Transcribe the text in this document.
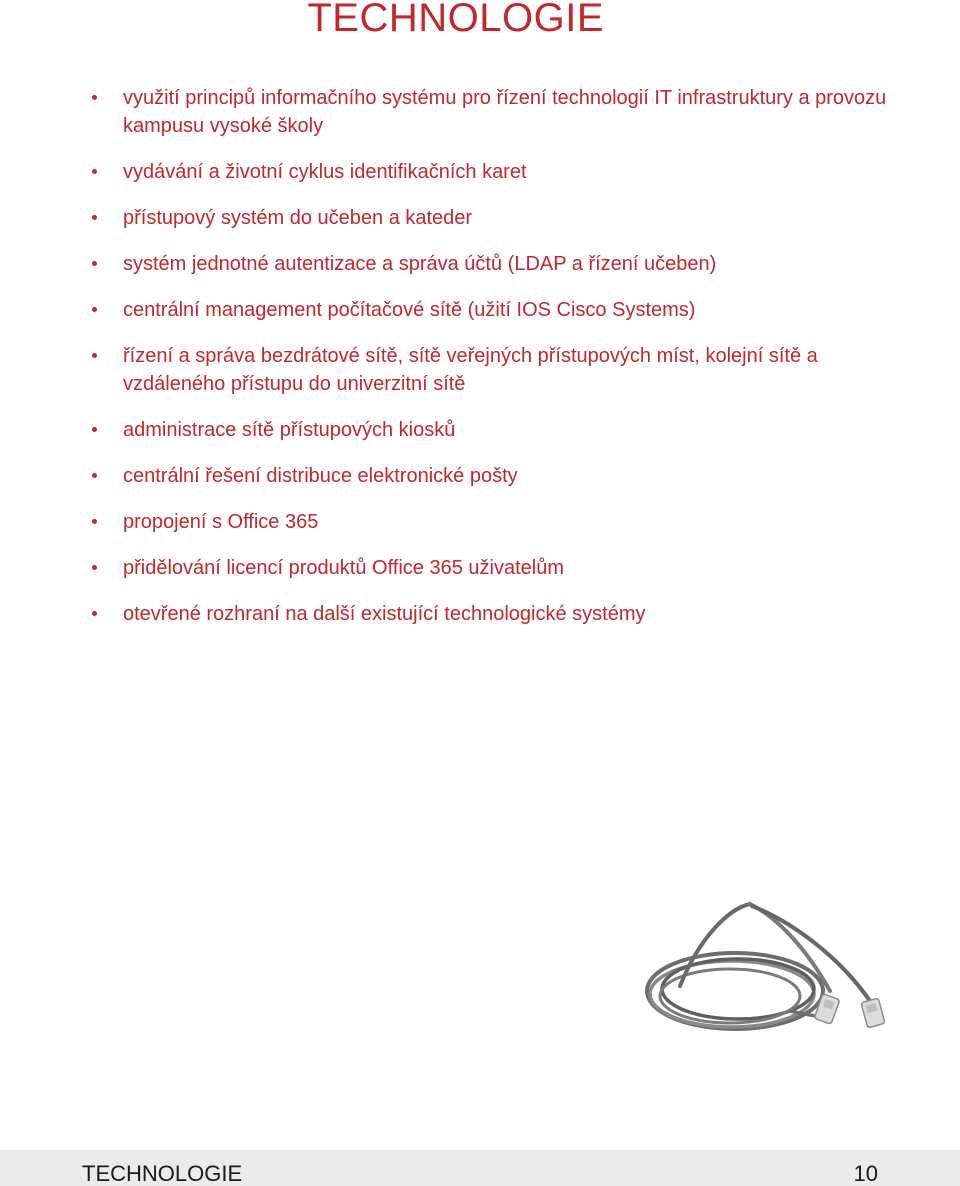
TECHNOLOGIE
využití principů informačního systému pro řízení technologií IT infrastruktury a provozu kampusu vysoké školy
vydávání a životní cyklus identifikačních karet
přístupový systém do učeben a kateder
systém jednotné autentizace a správa účtů (LDAP a řízení učeben)
centrální management počítačové sítě (užití IOS Cisco Systems)
řízení a správa bezdrátové sítě, sítě veřejných přístupových míst, kolejní sítě a vzdáleného přístupu do univerzitní sítě
administrace sítě přístupových kiosků
centrální řešení distribuce elektronické pošty
propojení s Office 365
přidělování licencí produktů Office 365 uživatelům
otevřené rozhraní na další existující technologické systémy
TECHNOLOGIE	10
